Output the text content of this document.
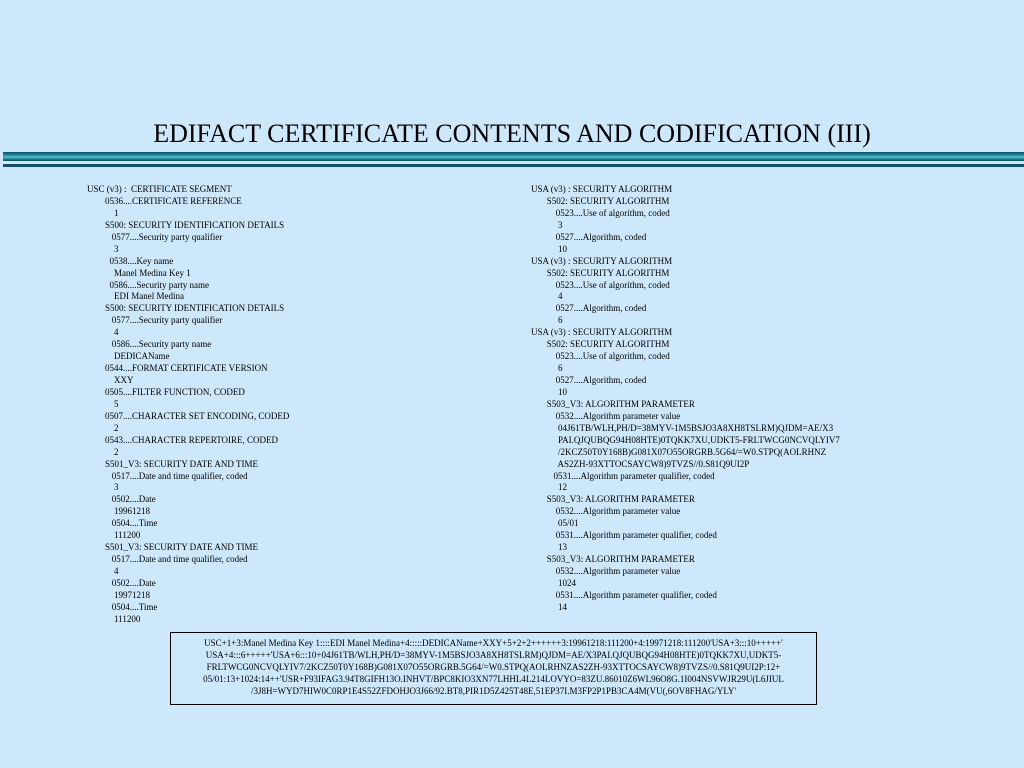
EDIFACT CERTIFICATE CONTENTS AND CODIFICATION (III)
USC (v3) :  CERTIFICATE SEGMENT
0536....CERTIFICATE REFERENCE
1
S500: SECURITY IDENTIFICATION DETAILS
0577....Security party qualifier
3
0538....Key name
Manel Medina Key 1
0586....Security party name
EDI Manel Medina
S500: SECURITY IDENTIFICATION DETAILS
0577....Security party qualifier
4
0586....Security party name
DEDICAName
0544....FORMAT CERTIFICATE VERSION
XXY
0505....FILTER FUNCTION, CODED
5
0507....CHARACTER SET ENCODING, CODED
2
0543....CHARACTER REPERTOIRE, CODED
2
S501_V3: SECURITY DATE AND TIME
0517....Date and time qualifier, coded
3
0502....Date
19961218
0504....Time
111200
S501_V3: SECURITY DATE AND TIME
0517....Date and time qualifier, coded
4
0502....Date
19971218
0504....Time
111200
USA (v3) : SECURITY ALGORITHM
S502: SECURITY ALGORITHM
0523....Use of algorithm, coded
3
0527....Algorithm, coded
10
USA (v3) : SECURITY ALGORITHM
S502: SECURITY ALGORITHM
0523....Use of algorithm, coded
4
0527....Algorithm, coded
6
USA (v3) : SECURITY ALGORITHM
S502: SECURITY ALGORITHM
0523....Use of algorithm, coded
6
0527....Algorithm, coded
10
S503_V3: ALGORITHM PARAMETER
0532....Algorithm parameter value
04J61TB/WLH,PH/D=38MYV-1M5BSJO3A8XH8TSLRM)QJDM=AE/X3
PAI.QJQUBQG94H08HTE)0TQKK7XU,UDKT5-FRLTWCG0NCVQLYIV7
/2KCZ50T0Y168B)G081X07O55ORGRB.5G64/=W0.STPQ(AOLRHNZ
AS2ZH-93XTTOCSAYCW8)9TVZS//0.S81Q9UI2P
0531....Algorithm parameter qualifier, coded
12
S503_V3: ALGORITHM PARAMETER
0532....Algorithm parameter value
05/01
0531....Algorithm parameter qualifier, coded
13
S503_V3: ALGORITHM PARAMETER
0532....Algorithm parameter value
1024
0531....Algorithm parameter qualifier, coded
14
USC+1+3:Manel Medina Key 1::::EDI Manel Medina+4:::::DEDICAName+XXY+5+2+2++++++3:19961218:111200+4:19971218:111200'USA+3:::10+++++'
USA+4:::6+++++'USA+6:::10+04J61TB/WLH,PH/D=38MYV-1M5BSJO3A8XH8TSLRM)QJDM=AE/X3PAI.QJQUBQG94H08HTE)0TQKK7XU,UDKT5-
FRLTWCG0NCVQLYIV7/2KCZ50T0Y168B)G081X07O55ORGRB.5G64/=W0.STPQ(AOLRHNZAS2ZH-93XTTOCSAYCW8)9TVZS//0.S81Q9UI2P:12+
05/01:13+1024:14++'USR+F93IFAG3.94T8GIFH13O.INHVT/BPC8KIO3XN77LHHL4L214LOVYO=83ZU.86010Z6WL96O8G.1I004NSVWJR29U(L6JIUL
/3J8H=WYD7HIW0C0RP1E4S52ZFDOHJO3J66/92.BT8,PIR1D5Z425T48E,51EP37I.M3FP2P1PB3CA4M(VU(,6OV8FHAG/YLY'
